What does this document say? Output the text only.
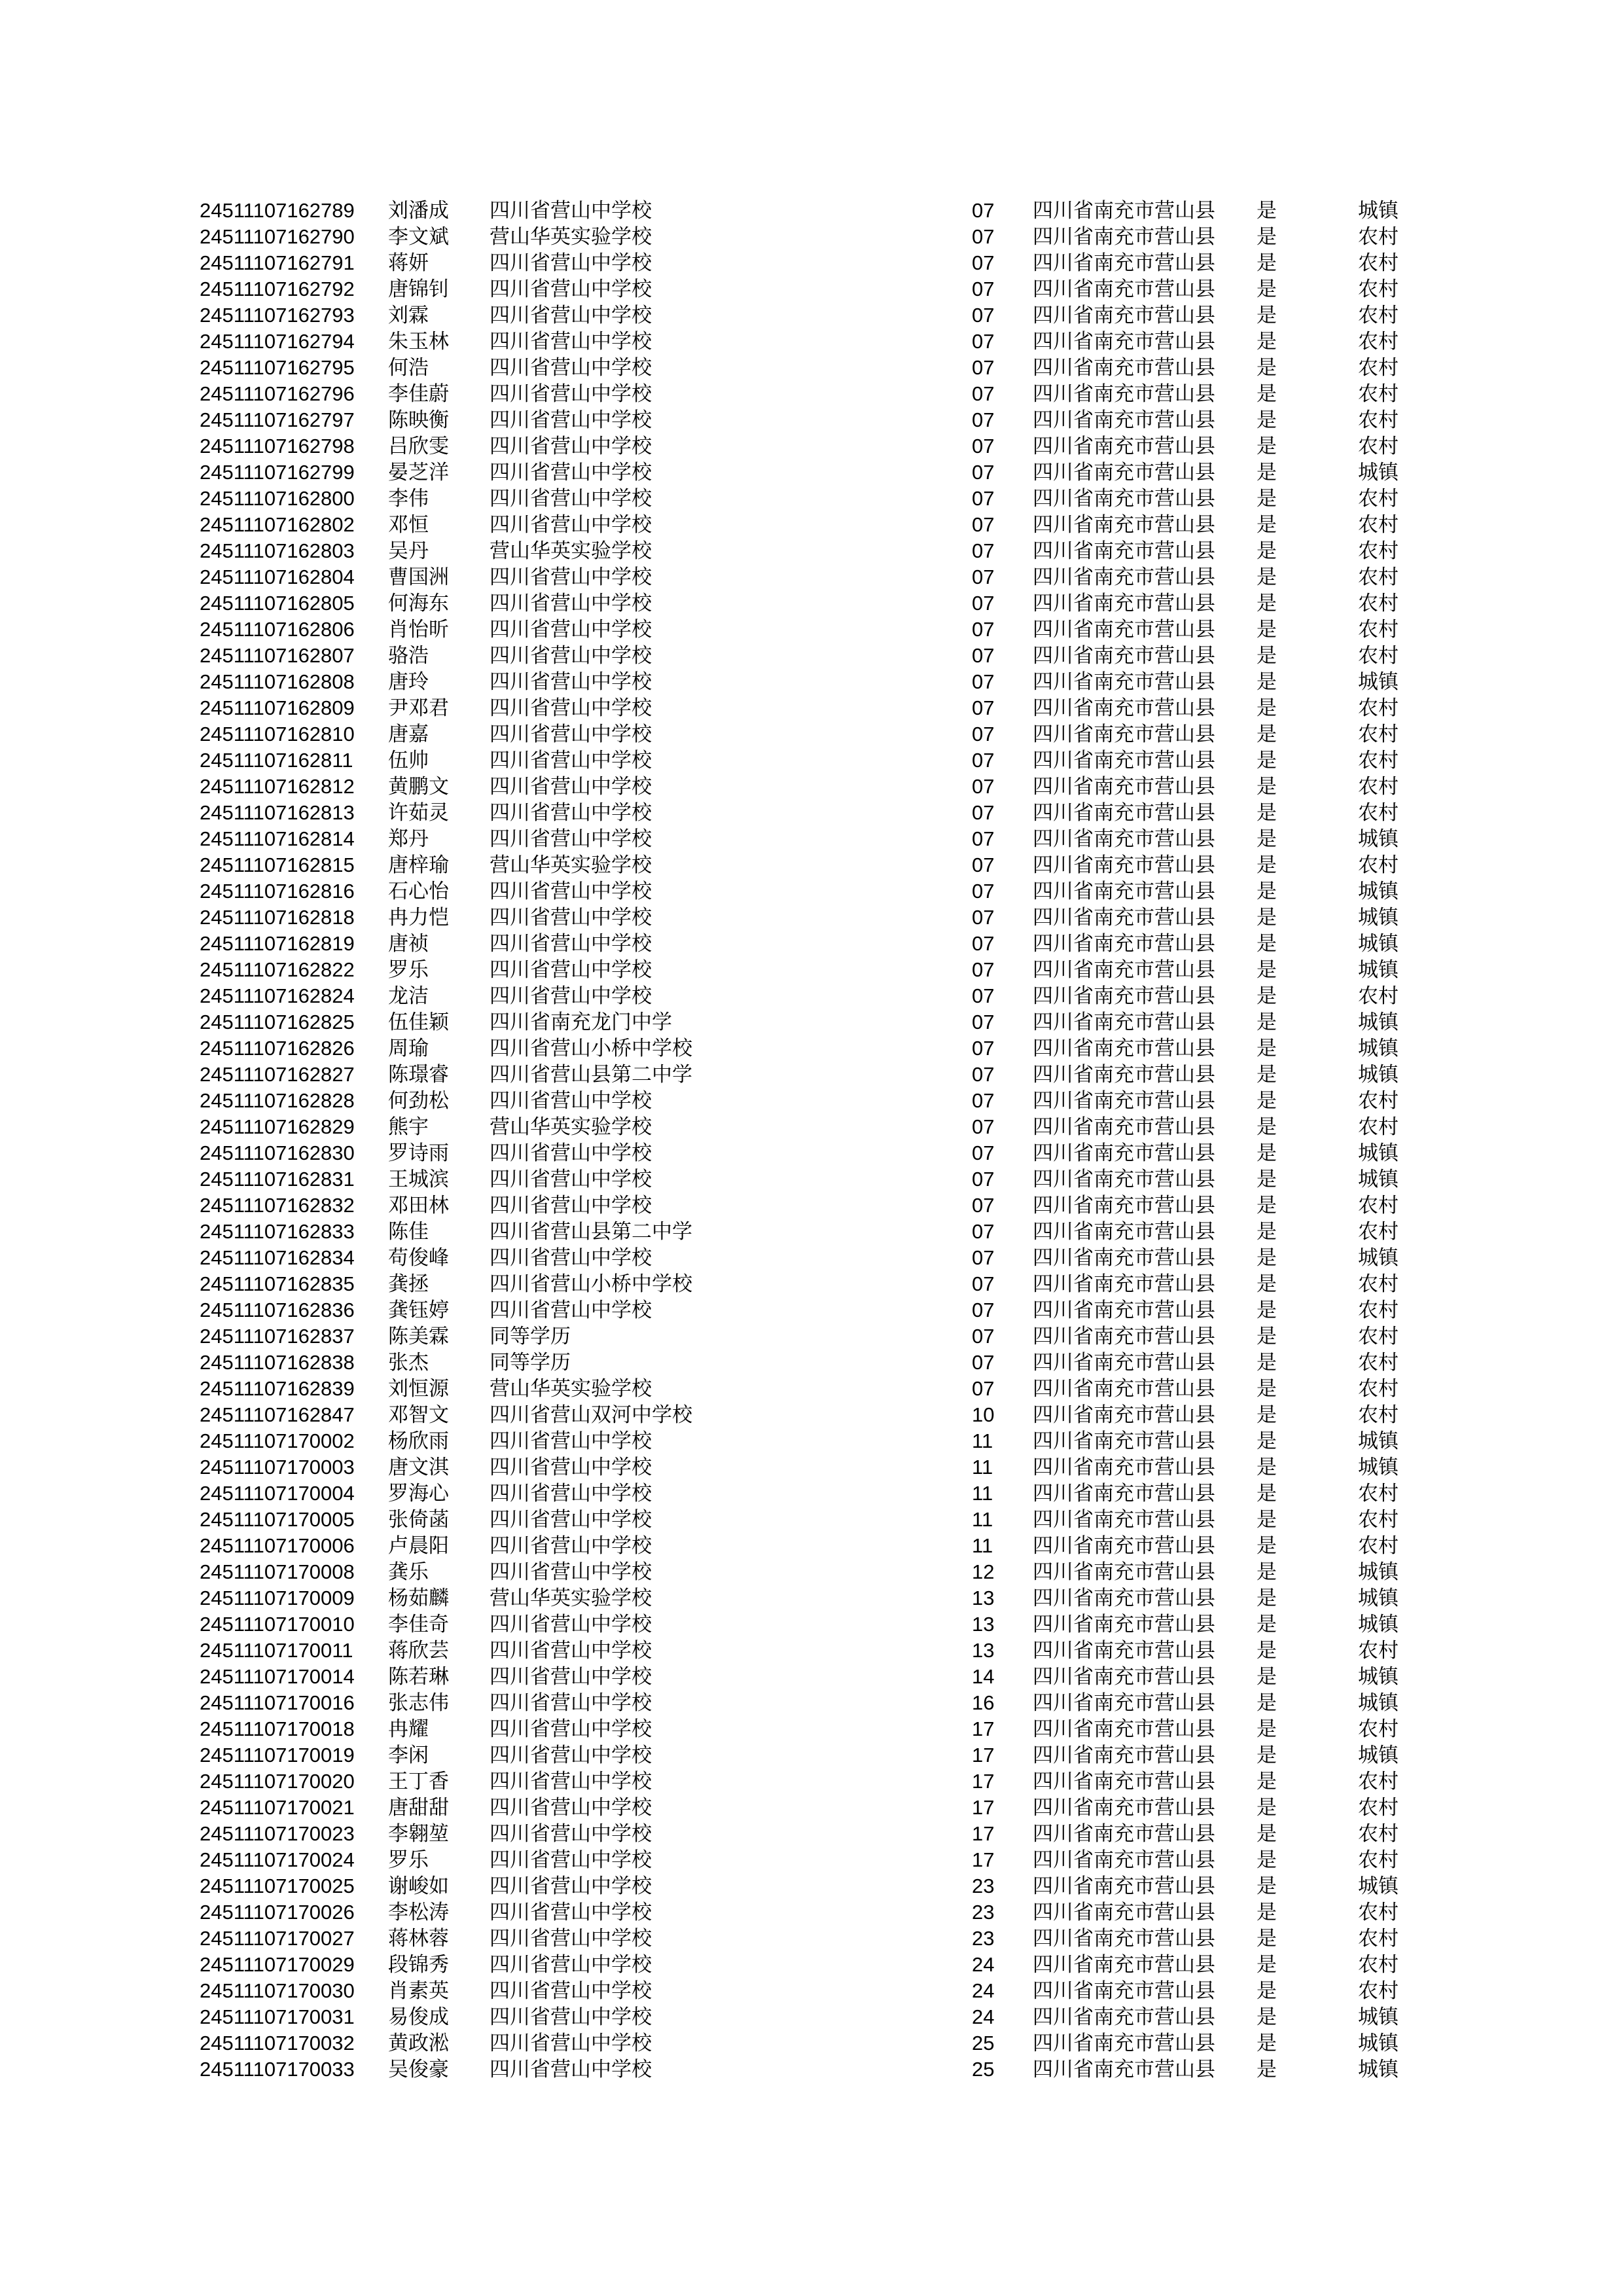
24511107162789 刘潘成 四川省营山中学校	07 四川省南充市营山县 是	城镇
24511107162790 李文斌 营山华英实验学校	07 四川省南充市营山县 是	农村
24511107162791 蒋妍	四川省营山中学校	07 四川省南充市营山县 是	农村
24511107162792 唐锦钊 四川省营山中学校	07 四川省南充市营山县 是	农村
24511107162793 刘霖	四川省营山中学校	07 四川省南充市营山县 是	农村
24511107162794 朱玉林 四川省营山中学校	07 四川省南充市营山县 是	农村
24511107162795 何浩	四川省营山中学校	07 四川省南充市营山县 是	农村
24511107162796 李佳蔚 四川省营山中学校	07 四川省南充市营山县 是	农村
24511107162797 陈映衡 四川省营山中学校	07 四川省南充市营山县 是	农村
24511107162798 吕欣雯 四川省营山中学校	07 四川省南充市营山县 是	农村
24511107162799 晏芝洋 四川省营山中学校	07 四川省南充市营山县 是	城镇
24511107162800 李伟	四川省营山中学校	07 四川省南充市营山县 是	农村
24511107162802 邓恒	四川省营山中学校	07 四川省南充市营山县 是	农村
24511107162803 吴丹	营山华英实验学校	07 四川省南充市营山县 是	农村
24511107162804 曹国洲 四川省营山中学校	07 四川省南充市营山县 是	农村
24511107162805 何海东 四川省营山中学校	07 四川省南充市营山县 是	农村
24511107162806 肖怡昕 四川省营山中学校	07 四川省南充市营山县 是	农村
24511107162807 骆浩	四川省营山中学校	07 四川省南充市营山县 是	农村
24511107162808 唐玲	四川省营山中学校	07 四川省南充市营山县 是	城镇
24511107162809 尹邓君 四川省营山中学校	07 四川省南充市营山县 是	农村
24511107162810 唐嘉	四川省营山中学校	07 四川省南充市营山县 是	农村
24511107162811 伍帅	四川省营山中学校	07 四川省南充市营山县 是	农村
24511107162812 黄鹏文 四川省营山中学校	07 四川省南充市营山县 是	农村
24511107162813 许茹灵 四川省营山中学校	07 四川省南充市营山县 是	农村
24511107162814 郑丹	四川省营山中学校	07 四川省南充市营山县 是	城镇
24511107162815 唐梓瑜 营山华英实验学校	07 四川省南充市营山县 是	农村
24511107162816 石心怡 四川省营山中学校	07 四川省南充市营山县 是	城镇
24511107162818 冉力恺 四川省营山中学校	07 四川省南充市营山县 是	城镇
24511107162819 唐祯	四川省营山中学校	07 四川省南充市营山县 是	城镇
24511107162822 罗乐	四川省营山中学校	07 四川省南充市营山县 是	城镇
24511107162824 龙洁	四川省营山中学校	07 四川省南充市营山县 是	农村
24511107162825 伍佳颖 四川省南充龙门中学	07 四川省南充市营山县 是	城镇
24511107162826 周瑜	四川省营山小桥中学校	07 四川省南充市营山县 是	城镇
24511107162827 陈璟睿 四川省营山县第二中学	07 四川省南充市营山县 是	城镇
24511107162828 何劲松 四川省营山中学校	07 四川省南充市营山县 是	农村
24511107162829 熊宇	营山华英实验学校	07 四川省南充市营山县 是	农村
24511107162830 罗诗雨 四川省营山中学校	07 四川省南充市营山县 是	城镇
24511107162831 王城滨 四川省营山中学校	07 四川省南充市营山县 是	城镇
24511107162832 邓田林 四川省营山中学校	07 四川省南充市营山县 是	农村
24511107162833 陈佳	四川省营山县第二中学	07 四川省南充市营山县 是	农村
24511107162834 苟俊峰 四川省营山中学校	07 四川省南充市营山县 是	城镇
24511107162835 龚拯	四川省营山小桥中学校	07 四川省南充市营山县 是	农村
24511107162836 龚钰婷 四川省营山中学校	07 四川省南充市营山县 是	农村
24511107162837 陈美霖 同等学历	07 四川省南充市营山县 是	农村
24511107162838 张杰	同等学历	07 四川省南充市营山县 是	农村
24511107162839 刘恒源 营山华英实验学校	07 四川省南充市营山县 是	农村
24511107162847 邓智文 四川省营山双河中学校	10 四川省南充市营山县 是	农村
24511107170002 杨欣雨 四川省营山中学校	11 四川省南充市营山县 是	城镇
24511107170003 唐文淇 四川省营山中学校	11 四川省南充市营山县 是	城镇
24511107170004 罗海心 四川省营山中学校	11 四川省南充市营山县 是	农村
24511107170005 张倚菡 四川省营山中学校	11 四川省南充市营山县 是	农村
24511107170006 卢晨阳 四川省营山中学校	11 四川省南充市营山县 是	农村
24511107170008 龚乐	四川省营山中学校	12 四川省南充市营山县 是	城镇
24511107170009 杨茹麟 营山华英实验学校	13 四川省南充市营山县 是	城镇
24511107170010 李佳奇 四川省营山中学校	13 四川省南充市营山县 是	城镇
24511107170011 蒋欣芸 四川省营山中学校	13 四川省南充市营山县 是	农村
24511107170014 陈若琳 四川省营山中学校	14 四川省南充市营山县 是	城镇
24511107170016 张志伟 四川省营山中学校	16 四川省南充市营山县 是	城镇
24511107170018 冉耀	四川省营山中学校	17 四川省南充市营山县 是	农村
24511107170019 李闲	四川省营山中学校	17 四川省南充市营山县 是	城镇
24511107170020 王丁香 四川省营山中学校	17 四川省南充市营山县 是	农村
24511107170021 唐甜甜 四川省营山中学校	17 四川省南充市营山县 是	农村
24511107170023 李翱堃 四川省营山中学校	17 四川省南充市营山县 是	农村
24511107170024 罗乐	四川省营山中学校	17 四川省南充市营山县 是	农村
24511107170025 谢峻如 四川省营山中学校	23 四川省南充市营山县 是	城镇
24511107170026 李松涛 四川省营山中学校	23 四川省南充市营山县 是	农村
24511107170027 蒋林蓉 四川省营山中学校	23 四川省南充市营山县 是	农村
24511107170029 段锦秀 四川省营山中学校	24 四川省南充市营山县 是	农村
24511107170030 肖素英 四川省营山中学校	24 四川省南充市营山县 是	农村
24511107170031 易俊成 四川省营山中学校	24 四川省南充市营山县 是	城镇
24511107170032 黄政淞 四川省营山中学校	25 四川省南充市营山县 是	城镇
24511107170033 吴俊豪 四川省营山中学校	25 四川省南充市营山县 是	城镇
